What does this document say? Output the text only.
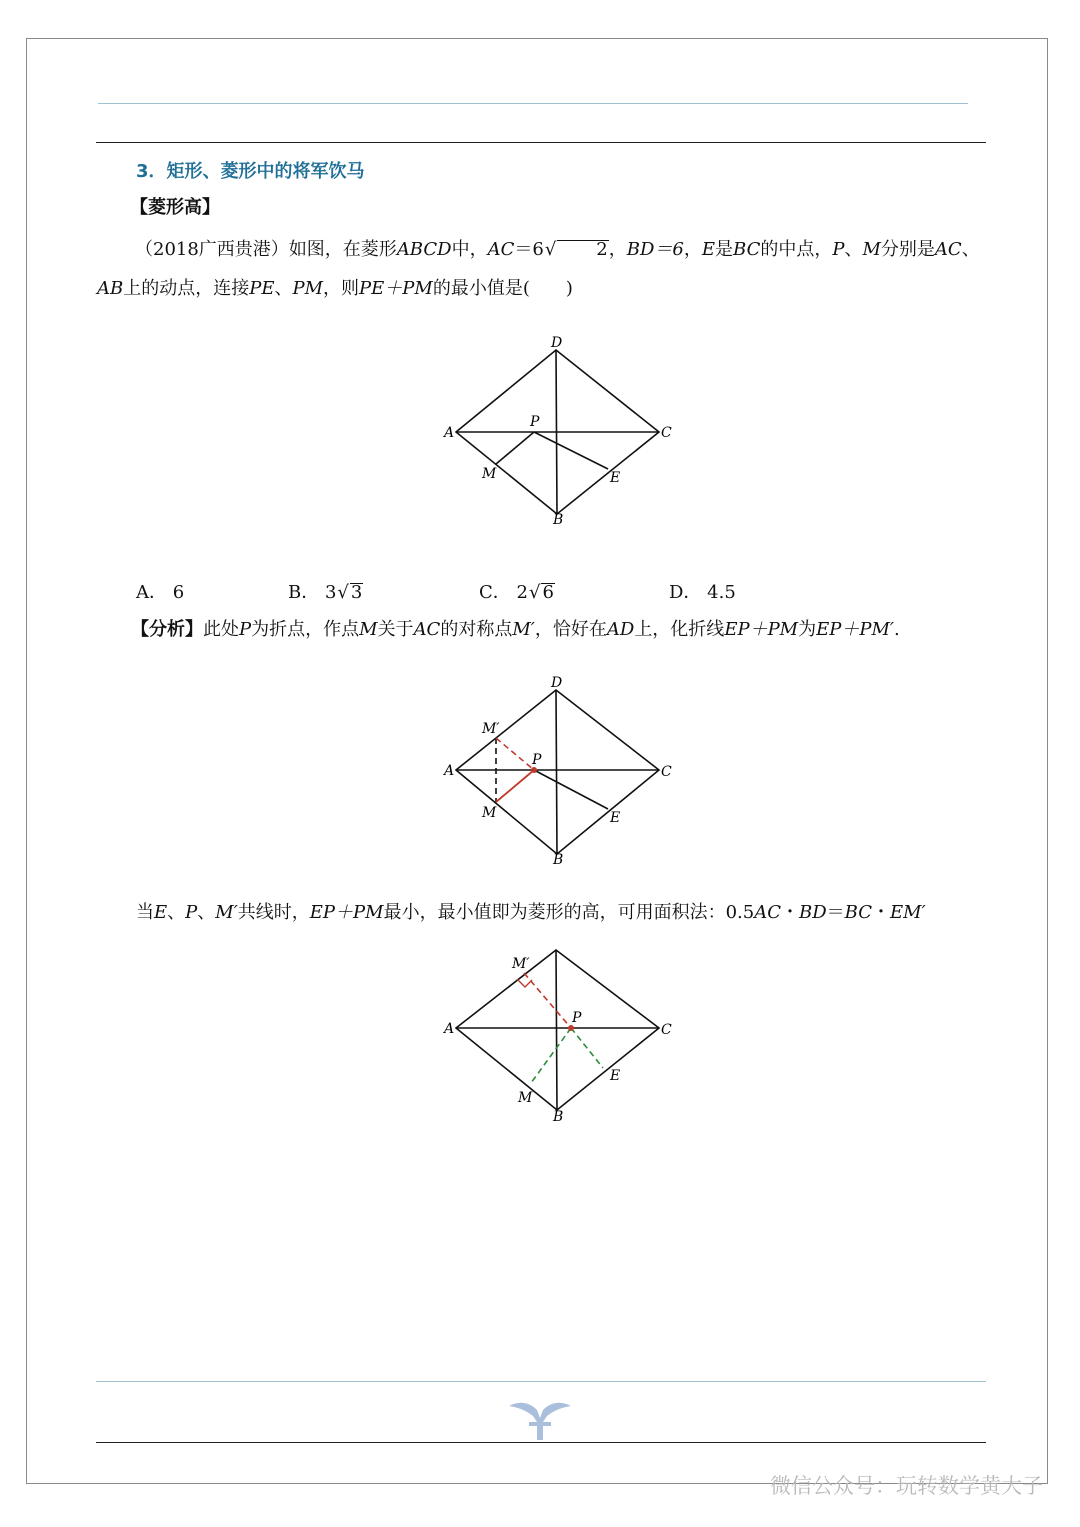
3．矩形、菱形中的将军饮马
【菱形高】

（2018广西贵港）如图，在菱形ABCD中，AC＝6√ 2，BD＝6，E是BC的中点，P、M分别是AC、
AB上的动点，连接PE、PM，则PE＋PM的最小值是(　　)

D
A	C
B
P
M	E
A． 6	B． 3√ 3	C． 2√ 6	D． 4.5

【分析】此处P为折点，作点M关于AC的对称点M′，恰好在AD上，化折线EP＋PM为EP＋PM′.

D
A	C
B
P
M
M′
E

当E、P、M′共线时，EP＋PM最小，最小值即为菱形的高，可用面积法：0.5AC・BD＝BC・EM′

A	C
B
P
M
M′
E
微信公众号：玩转数学黄大子
